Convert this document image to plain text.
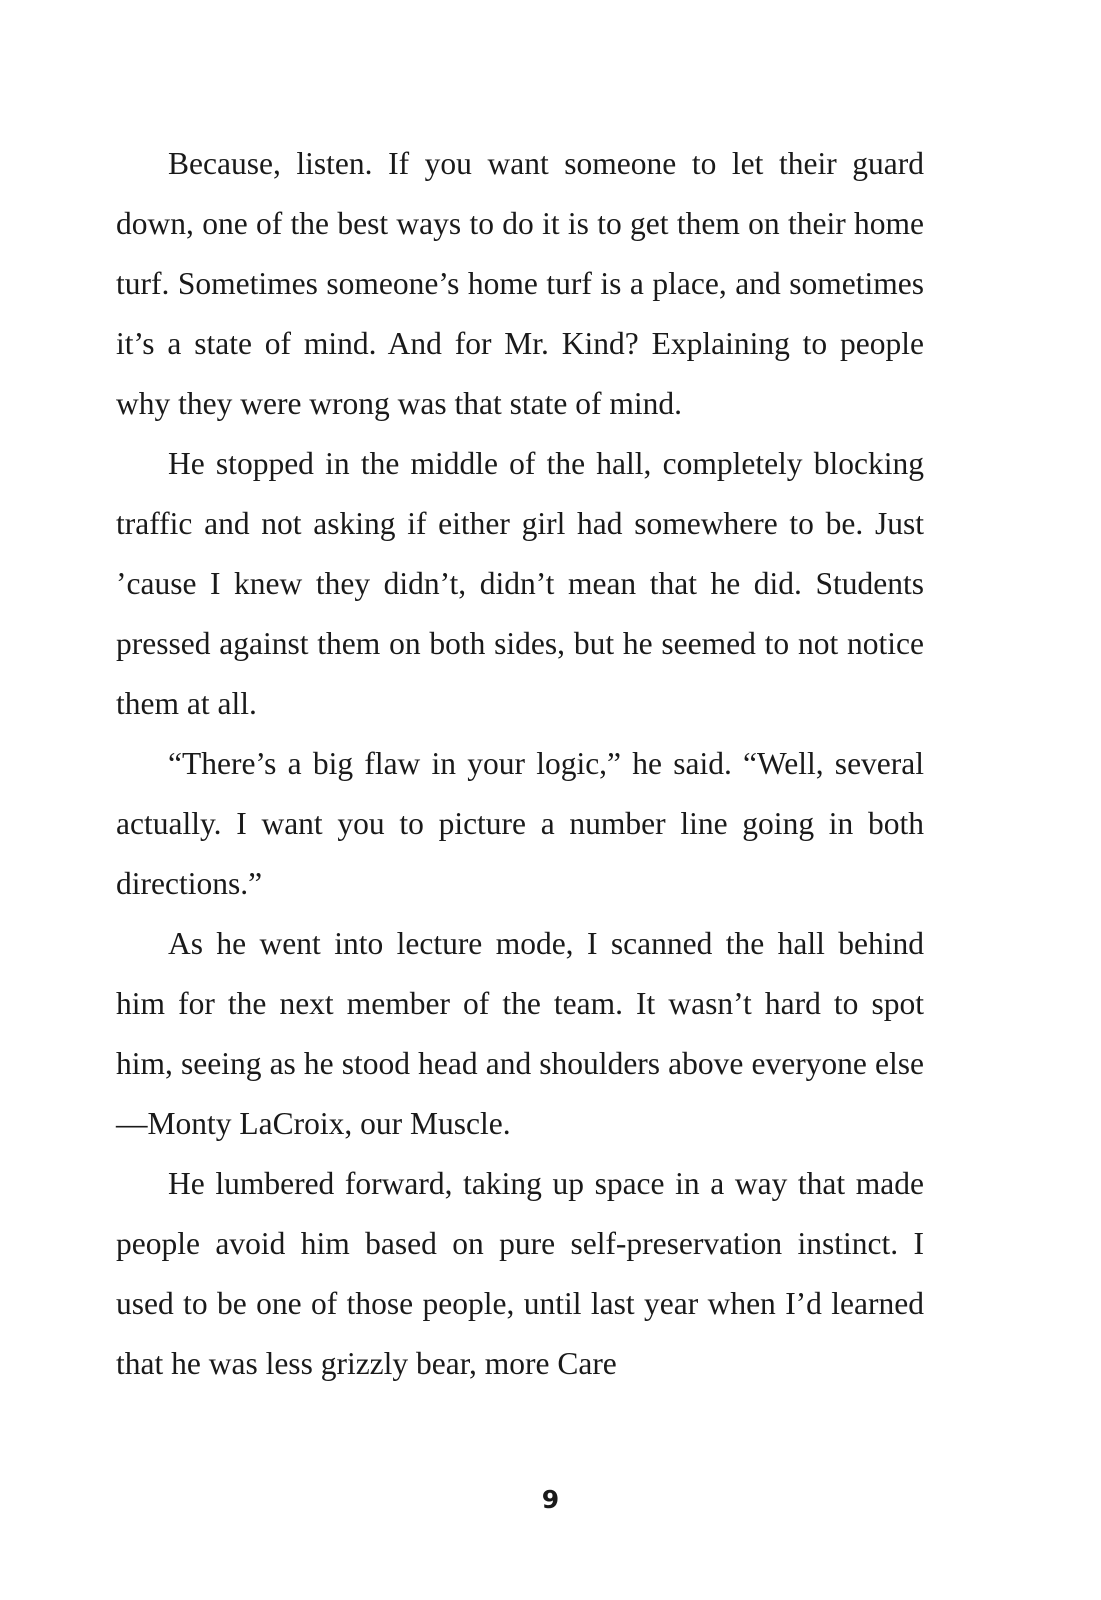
Because, listen. If you want someone to let their guard down, one of the best ways to do it is to get them on their home turf. Sometimes someone’s home turf is a place, and sometimes it’s a state of mind. And for Mr. Kind? Explaining to people why they were wrong was that state of mind.

He stopped in the middle of the hall, completely blocking traffic and not asking if either girl had somewhere to be. Just ’cause I knew they didn’t, didn’t mean that he did. Students pressed against them on both sides, but he seemed to not notice them at all.

“There’s a big flaw in your logic,” he said. “Well, several actually. I want you to picture a number line going in both directions.”

As he went into lecture mode, I scanned the hall behind him for the next member of the team. It wasn’t hard to spot him, seeing as he stood head and shoulders above everyone else—Monty LaCroix, our Muscle.

He lumbered forward, taking up space in a way that made people avoid him based on pure self-preservation instinct. I used to be one of those people, until last year when I’d learned that he was less grizzly bear, more Care

9
